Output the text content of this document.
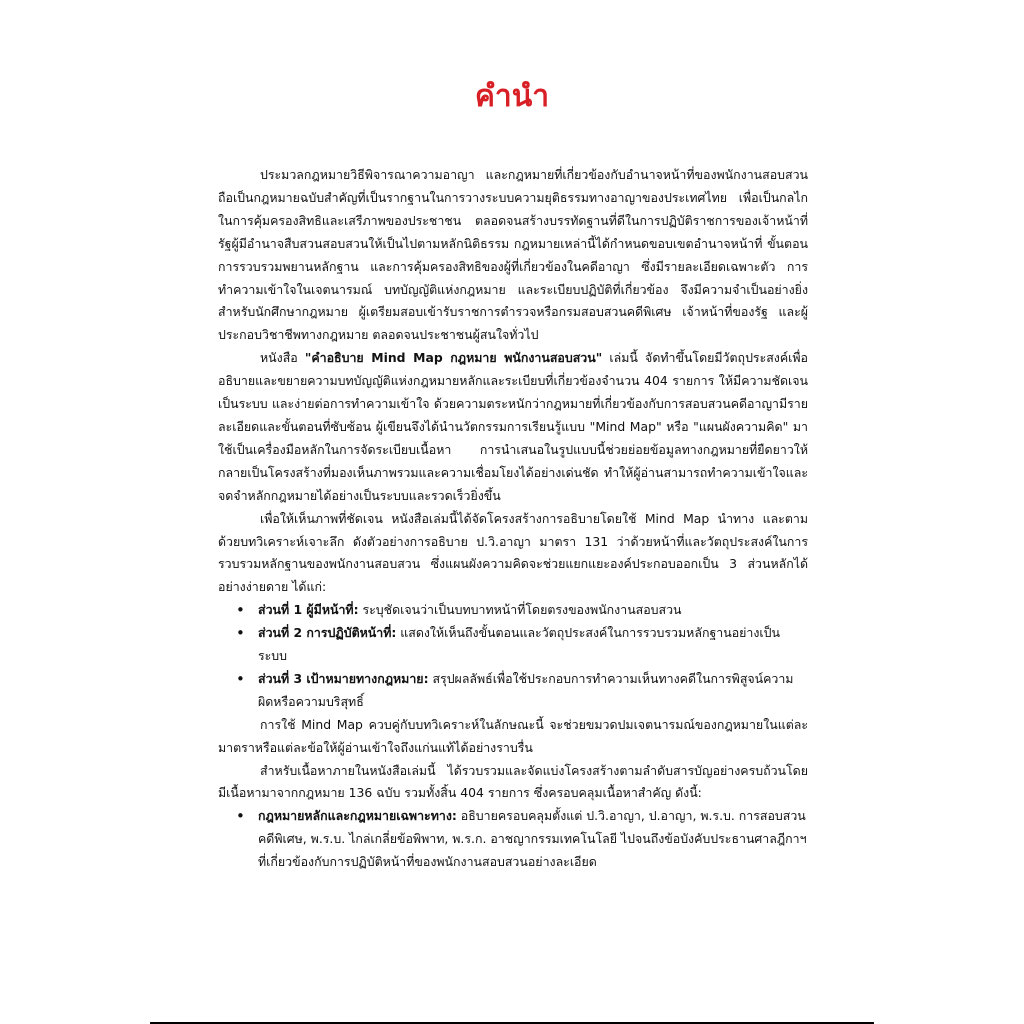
คำนำ

ประมวลกฎหมายวิธีพิจารณาความอาญา และกฎหมายที่เกี่ยวข้องกับอำนาจหน้าที่ของพนักงานสอบสวน ถือเป็นกฎหมายฉบับสำคัญที่เป็นรากฐานในการวางระบบความยุติธรรมทางอาญาของประเทศไทย เพื่อเป็นกลไกในการคุ้มครองสิทธิและเสรีภาพของประชาชน ตลอดจนสร้างบรรทัดฐานที่ดีในการปฏิบัติราชการของเจ้าหน้าที่รัฐผู้มีอำนาจสืบสวนสอบสวนให้เป็นไปตามหลักนิติธรรม กฎหมายเหล่านี้ได้กำหนดขอบเขตอำนาจหน้าที่ ขั้นตอนการรวบรวมพยานหลักฐาน และการคุ้มครองสิทธิของผู้ที่เกี่ยวข้องในคดีอาญา ซึ่งมีรายละเอียดเฉพาะตัว การทำความเข้าใจในเจตนารมณ์ บทบัญญัติแห่งกฎหมาย และระเบียบปฏิบัติที่เกี่ยวข้อง จึงมีความจำเป็นอย่างยิ่งสำหรับนักศึกษากฎหมาย ผู้เตรียมสอบเข้ารับราชการตำรวจหรือกรมสอบสวนคดีพิเศษ เจ้าหน้าที่ของรัฐ และผู้ประกอบวิชาชีพทางกฎหมาย ตลอดจนประชาชนผู้สนใจทั่วไป

หนังสือ "คำอธิบาย Mind Map กฎหมาย พนักงานสอบสวน" เล่มนี้ จัดทำขึ้นโดยมีวัตถุประสงค์เพื่ออธิบายและขยายความบทบัญญัติแห่งกฎหมายหลักและระเบียบที่เกี่ยวข้องจำนวน 404 รายการ ให้มีความชัดเจน เป็นระบบ และง่ายต่อการทำความเข้าใจ ด้วยความตระหนักว่ากฎหมายที่เกี่ยวข้องกับการสอบสวนคดีอาญามีรายละเอียดและขั้นตอนที่ซับซ้อน ผู้เขียนจึงได้นำนวัตกรรมการเรียนรู้แบบ "Mind Map" หรือ "แผนผังความคิด" มาใช้เป็นเครื่องมือหลักในการจัดระเบียบเนื้อหา การนำเสนอในรูปแบบนี้ช่วยย่อยข้อมูลทางกฎหมายที่ยืดยาวให้กลายเป็นโครงสร้างที่มองเห็นภาพรวมและความเชื่อมโยงได้อย่างเด่นชัด ทำให้ผู้อ่านสามารถทำความเข้าใจและจดจำหลักกฎหมายได้อย่างเป็นระบบและรวดเร็วยิ่งขึ้น

เพื่อให้เห็นภาพที่ชัดเจน หนังสือเล่มนี้ได้จัดโครงสร้างการอธิบายโดยใช้ Mind Map นำทาง และตามด้วยบทวิเคราะห์เจาะลึก ดังตัวอย่างการอธิบาย ป.วิ.อาญา มาตรา 131 ว่าด้วยหน้าที่และวัตถุประสงค์ในการรวบรวมหลักฐานของพนักงานสอบสวน ซึ่งแผนผังความคิดจะช่วยแยกแยะองค์ประกอบออกเป็น 3 ส่วนหลักได้อย่างง่ายดาย ได้แก่:

• ส่วนที่ 1 ผู้มีหน้าที่: ระบุชัดเจนว่าเป็นบทบาทหน้าที่โดยตรงของพนักงานสอบสวน
• ส่วนที่ 2 การปฏิบัติหน้าที่: แสดงให้เห็นถึงขั้นตอนและวัตถุประสงค์ในการรวบรวมหลักฐานอย่างเป็นระบบ
• ส่วนที่ 3 เป้าหมายทางกฎหมาย: สรุปผลลัพธ์เพื่อใช้ประกอบการทำความเห็นทางคดีในการพิสูจน์ความผิดหรือความบริสุทธิ์

การใช้ Mind Map ควบคู่กับบทวิเคราะห์ในลักษณะนี้ จะช่วยขมวดปมเจตนารมณ์ของกฎหมายในแต่ละมาตราหรือแต่ละข้อให้ผู้อ่านเข้าใจถึงแก่นแท้ได้อย่างราบรื่น

สำหรับเนื้อหาภายในหนังสือเล่มนี้ ได้รวบรวมและจัดแบ่งโครงสร้างตามลำดับสารบัญอย่างครบถ้วนโดยมีเนื้อหามาจากกฎหมาย 136 ฉบับ รวมทั้งสิ้น 404 รายการ ซึ่งครอบคลุมเนื้อหาสำคัญ ดังนี้:

• กฎหมายหลักและกฎหมายเฉพาะทาง: อธิบายครอบคลุมตั้งแต่ ป.วิ.อาญา, ป.อาญา, พ.ร.บ. การสอบสวนคดีพิเศษ, พ.ร.บ. ไกล่เกลี่ยข้อพิพาท, พ.ร.ก. อาชญากรรมเทคโนโลยี ไปจนถึงข้อบังคับประธานศาลฎีกาฯ ที่เกี่ยวข้องกับการปฏิบัติหน้าที่ของพนักงานสอบสวนอย่างละเอียด
